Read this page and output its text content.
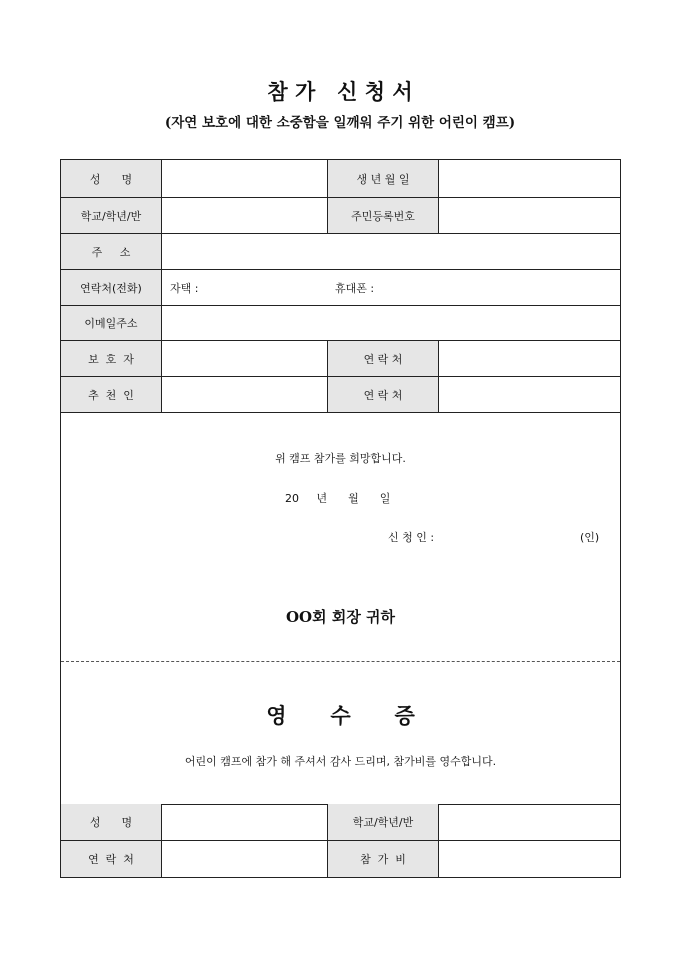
참 가   신 청 서
(자연 보호에 대한 소중함을 일깨워 주기 위한 어린이 캠프)
성      명	생 년 월 일
학교/학년/반	주민등록번호
주     소
연락처(전화)	자택 :	휴대폰 :
이메일주소
보  호  자	연 락 처
추  천  인	연 락 처
위 캠프 참가를 희망합니다.
20     년      월      일
신 청 인 :	(인)
OO회 회장 귀하
영      수      증
어린이 캠프에 참가 해 주셔서 감사 드리며, 참가비를 영수합니다.
성      명	학교/학년/반
연  락  처	참  가  비
